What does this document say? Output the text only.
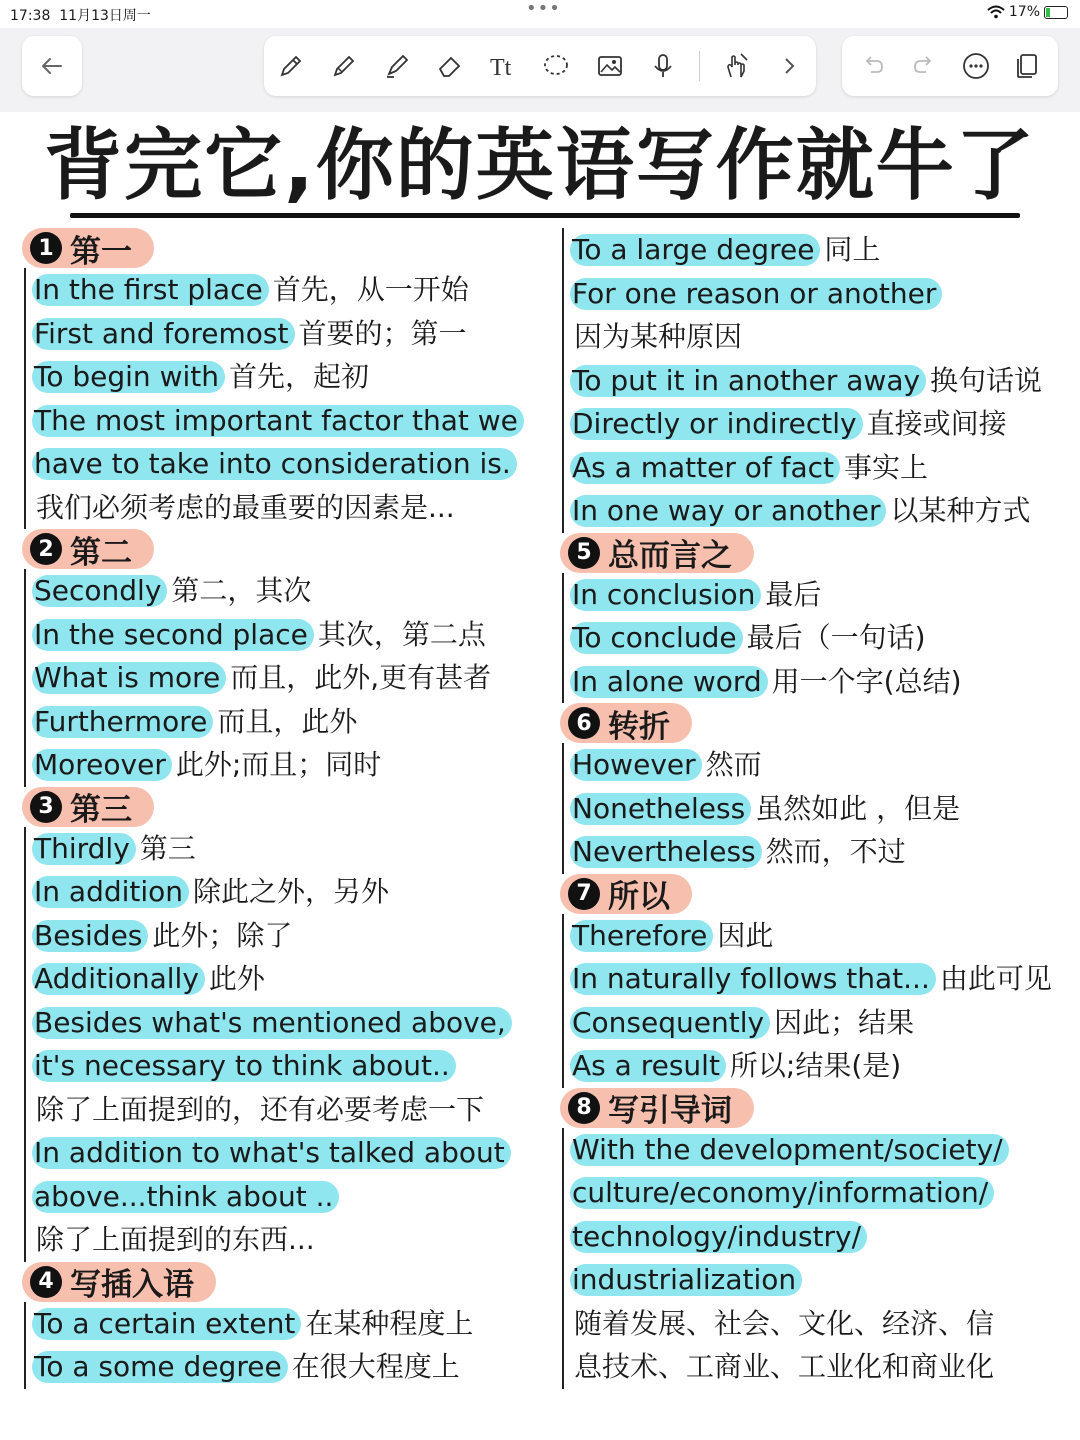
17:38 11月13日周一	•••	17%
Tt
背完它,你的英语写作就牛了
1 第一
In the first place 首先，从一开始
First and foremost 首要的；第一
To begin with 首先，起初
The most important factor that we
have to take into consideration is.
我们必须考虑的最重要的因素是...
2 第二
Secondly 第二，其次
In the second place 其次，第二点
What is more 而且，此外,更有甚者
Furthermore 而且，此外
Moreover 此外;而且；同时
3 第三
Thirdly 第三
In addition 除此之外，另外
Besides 此外；除了
Additionally 此外
Besides what's mentioned above,
it's necessary to think about..
除了上面提到的，还有必要考虑一下
In addition to what's talked about
above...think about ..
除了上面提到的东西...
4 写插入语
To a certain extent 在某种程度上
To a some degree 在很大程度上
To a large degree 同上
For one reason or another
因为某种原因
To put it in another away 换句话说
Directly or indirectly 直接或间接
As a matter of fact 事实上
In one way or another 以某种方式
5 总而言之
In conclusion 最后
To conclude 最后（一句话)
In alone word 用一个字(总结)
6 转折
However 然而
Nonetheless 虽然如此 ，但是
Nevertheless 然而，不过
7 所以
Therefore 因此
In naturally follows that... 由此可见
Consequently 因此；结果
As a result 所以;结果(是)
8 写引导词
With the development/society/
culture/economy/information/
technology/industry/
industrialization
随着发展、社会、文化、经济、信
息技术、工商业、工业化和商业化
